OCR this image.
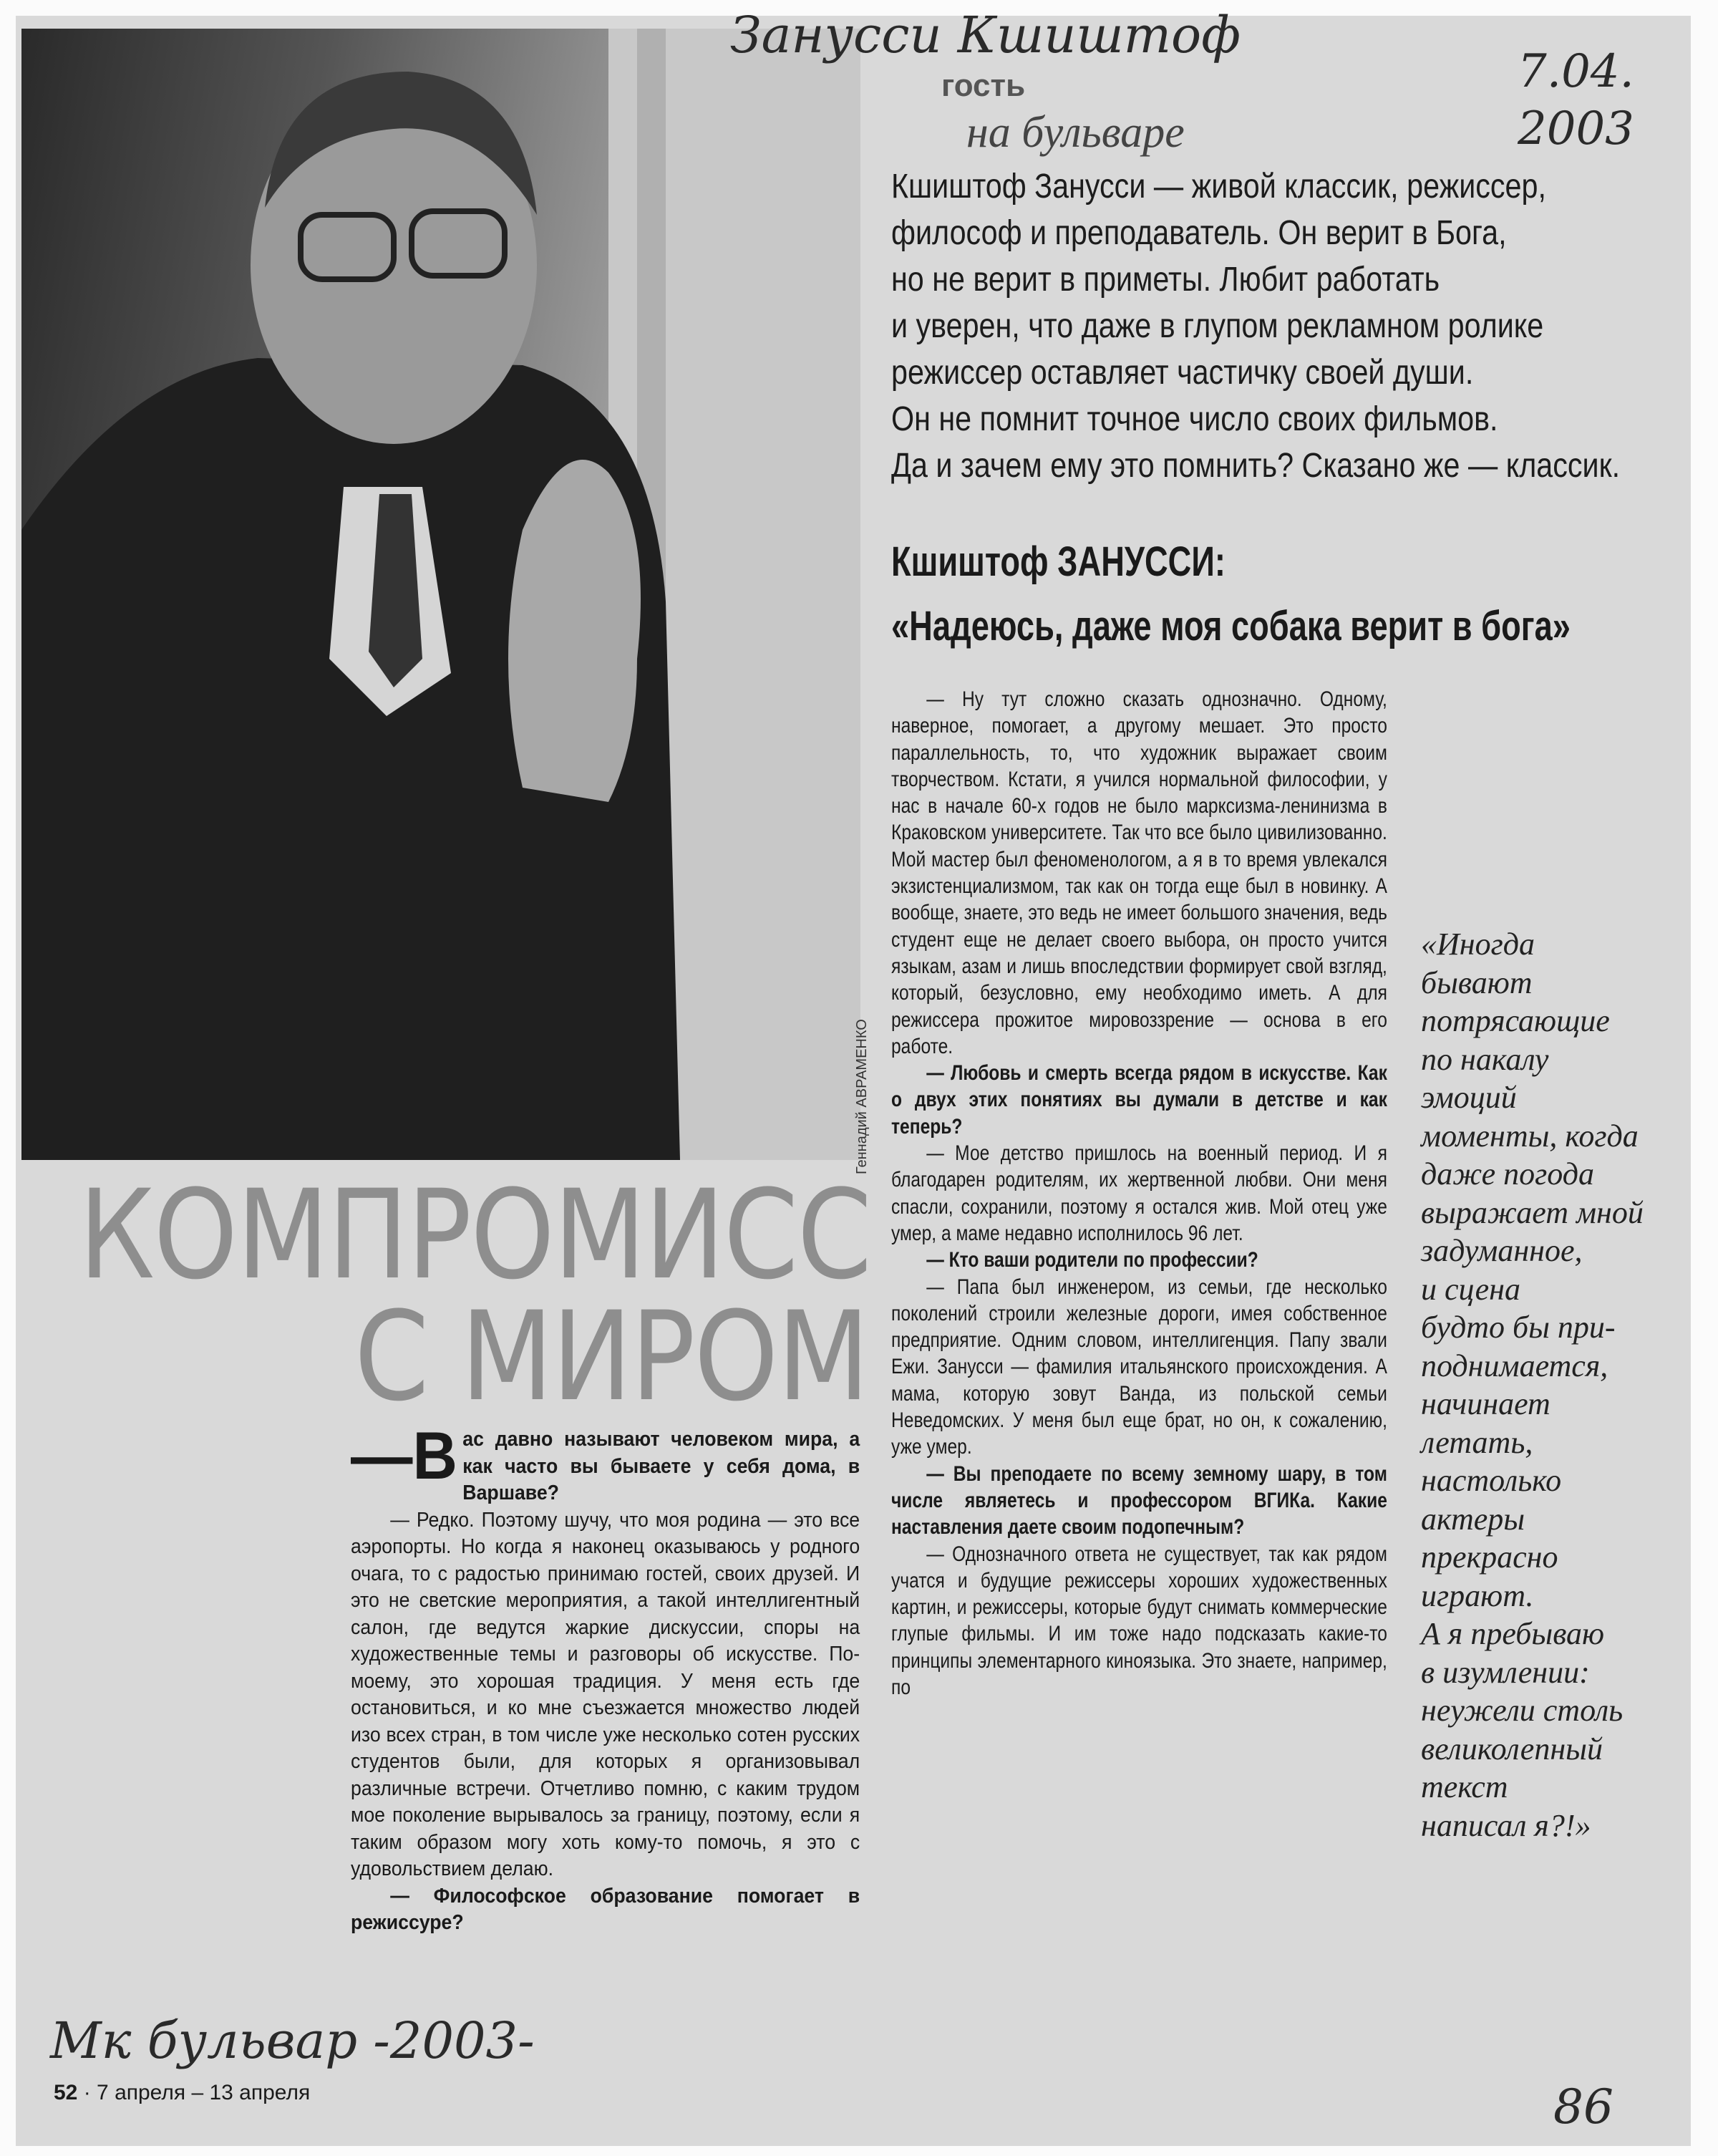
Геннадий АВРАМЕНКО
Занусси Кшиштоф
7.04. 2003
гость
на бульваре
Кшиштоф Занусси — живой классик, режиссер,
философ и преподаватель. Он верит в Бога,
но не верит в приметы. Любит работать
и уверен, что даже в глупом рекламном ролике
режиссер оставляет частичку своей души.
Он не помнит точное число своих фильмов.
Да и зачем ему это помнить? Сказано же — классик.
Кшиштоф ЗАНУССИ:
«Надеюсь, даже моя собака верит в бога»

— Ну тут сложно сказать однозначно. Одному, наверное, помогает, а другому мешает. Это просто параллельность, то, что художник выражает своим творчеством. Кстати, я учился нормальной философии, у нас в начале 60-х годов не было марксизма-ленинизма в Краковском университете. Так что все было цивилизованно. Мой мастер был феноменологом, а я в то время увлекался экзистенциализмом, так как он тогда еще был в новинку. А вообще, знаете, это ведь не имеет большого значения, ведь студент еще не делает своего выбора, он просто учится языкам, азам и лишь впоследствии формирует свой взгляд, который, безусловно, ему необходимо иметь. А для режиссера прожитое мировоззрение — основа в его работе.

— Любовь и смерть всегда рядом в искусстве. Как о двух этих понятиях вы думали в детстве и как теперь?

— Мое детство пришлось на военный период. И я благодарен родителям, их жертвенной любви. Они меня спасли, сохранили, поэтому я остался жив. Мой отец уже умер, а маме недавно исполнилось 96 лет.

— Кто ваши родители по профессии?

— Папа был инженером, из семьи, где несколько поколений строили железные дороги, имея собственное предприятие. Одним словом, интеллигенция. Папу звали Ежи. Занусси — фамилия итальянского происхождения. А мама, которую зовут Ванда, из польской семьи Неведомских. У меня был еще брат, но он, к сожалению, уже умер.

— Вы преподаете по всему земному шару, в том числе являетесь и профессором ВГИКа. Какие наставления даете своим подопечным?

— Однозначного ответа не существует, так как рядом учатся и будущие режиссеры хороших художественных картин, и режиссеры, которые будут снимать коммерческие глупые фильмы. И им тоже надо подсказать какие-то принципы элементарного киноязыка. Это знаете, например, по

«Иногда
бывают
потрясающие
по накалу
эмоций
моменты, когда
даже погода
выражает мной
задуманное,
и сцена
будто бы при-
поднимается,
начинает
летать,
настолько
актеры
прекрасно
играют.
А я пребываю
в изумлении:
неужели столь
великолепный
текст
написал я?!»
КОМПРОМИСС
С МИРОМ
—В ас давно называют человеком мира, а как часто вы бываете у себя дома, в Варшаве?

— Редко. Поэтому шучу, что моя родина — это все аэропорты. Но когда я наконец оказываюсь у родного очага, то с радостью принимаю гостей, своих друзей. И это не светские мероприятия, а такой интеллигентный салон, где ведутся жаркие дискуссии, споры на художественные темы и разговоры об искусстве. По-моему, это хорошая традиция. У меня есть где остановиться, и ко мне съезжается множество людей изо всех стран, в том числе уже несколько сотен русских студентов были, для которых я организовывал различные встречи. Отчетливо помню, с каким трудом мое поколение вырывалось за границу, поэтому, если я таким образом могу хоть кому-то помочь, я это с удовольствием делаю.

— Философское образование помогает в режиссуре?

Мк бульвар -2003-
52 · 7 апреля – 13 апреля	86
